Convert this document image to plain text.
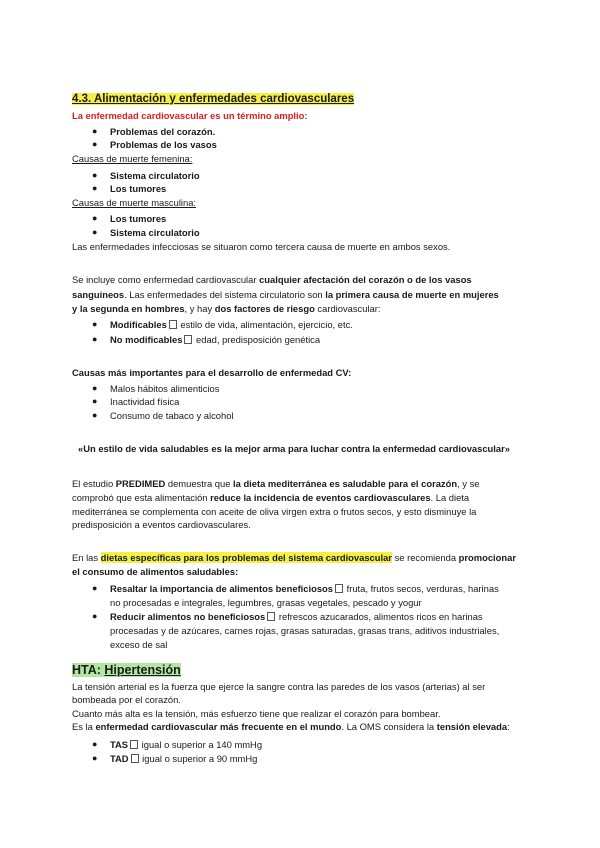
4.3. Alimentación y enfermedades cardiovasculares
La enfermedad cardiovascular es un término amplio:
● Problemas del corazón.
● Problemas de los vasos
Causas de muerte femenina:
● Sistema circulatorio
● Los tumores
Causas de muerte masculina:
● Los tumores
● Sistema circulatorio
Las enfermedades infecciosas se situaron como tercera causa de muerte en ambos sexos.
Se incluye como enfermedad cardiovascular cualquier afectación del corazón o de los vasos
sanguíneos. Las enfermedades del sistema circulatorio son la primera causa de muerte en mujeres
y la segunda en hombres, y hay dos factores de riesgo cardiovascular:
● Modificables estilo de vida, alimentación, ejercicio, etc.
● No modificables edad, predisposición genética
Causas más importantes para el desarrollo de enfermedad CV:
● Malos hábitos alimenticios
● Inactividad física
● Consumo de tabaco y alcohol
«Un estilo de vida saludables es la mejor arma para luchar contra la enfermedad cardiovascular»
El estudio PREDIMED demuestra que la dieta mediterránea es saludable para el corazón, y se
comprobó que esta alimentación reduce la incidencia de eventos cardiovasculares. La dieta
mediterránea se complementa con aceite de oliva virgen extra o frutos secos, y esto disminuye la
predisposición a eventos cardiovasculares.
En las dietas específicas para los problemas del sistema cardiovascular se recomienda promocionar
el consumo de alimentos saludables:
● Resaltar la importancia de alimentos beneficiosos fruta, frutos secos, verduras, harinas
no procesadas e integrales, legumbres, grasas vegetales, pescado y yogur
● Reducir alimentos no beneficiosos refrescos azucarados, alimentos ricos en harinas
procesadas y de azúcares, carnes rojas, grasas saturadas, grasas trans, aditivos industriales,
exceso de sal
HTA: Hipertensión
La tensión arterial es la fuerza que ejerce la sangre contra las paredes de los vasos (arterias) al ser
bombeada por el corazón.
Cuanto más alta es la tensión, más esfuerzo tiene que realizar el corazón para bombear.
Es la enfermedad cardiovascular más frecuente en el mundo. La OMS considera la tensión elevada:
● TAS igual o superior a 140 mmHg
● TAD igual o superior a 90 mmHg
